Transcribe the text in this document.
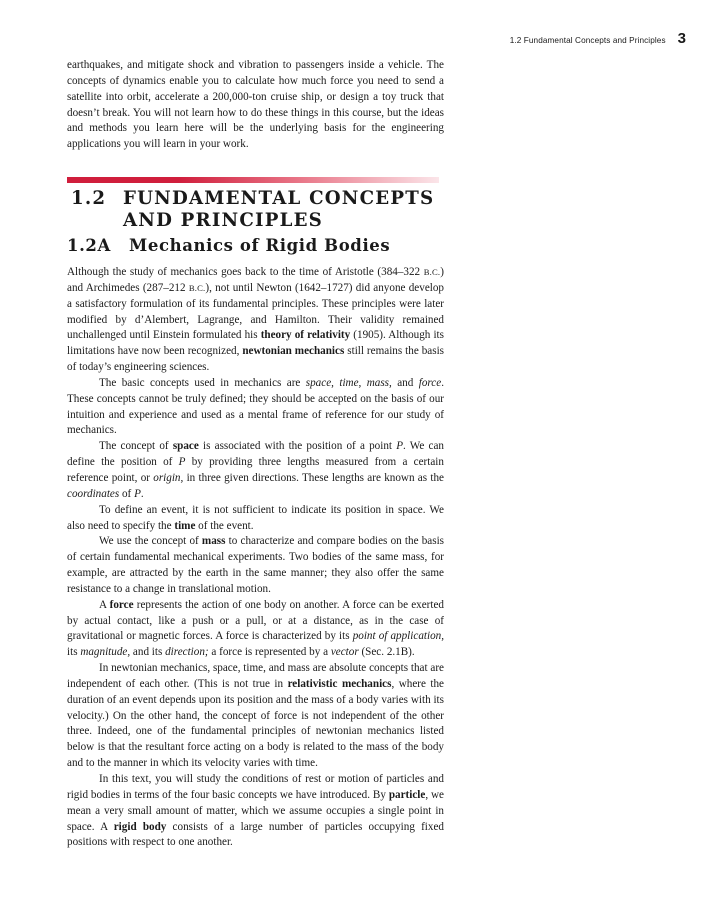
1.2 Fundamental Concepts and Principles 3

earthquakes, and mitigate shock and vibration to passengers inside a vehicle. The concepts of dynamics enable you to calculate how much force you need to send a satellite into orbit, accelerate a 200,000-ton cruise ship, or design a toy truck that doesn’t break. You will not learn how to do these things in this course, but the ideas and methods you learn here will be the underlying basis for the engineering applications you will learn in your work.

1.2 FUNDAMENTAL CONCEPTS
AND PRINCIPLES
1.2A Mechanics of Rigid Bodies

Although the study of mechanics goes back to the time of Aristotle (384–322 B.C.) and Archimedes (287–212 B.C.), not until Newton (1642–1727) did anyone develop a satisfactory formulation of its fundamental principles. These principles were later modified by d’Alembert, Lagrange, and Hamilton. Their validity remained unchallenged until Einstein formulated his theory of relativity (1905). Although its limitations have now been recognized, newtonian mechanics still remains the basis of today’s engineering sciences.

The basic concepts used in mechanics are space, time, mass, and force. These concepts cannot be truly defined; they should be accepted on the basis of our intuition and experience and used as a mental frame of reference for our study of mechanics.

The concept of space is associated with the position of a point P. We can define the position of P by providing three lengths measured from a certain reference point, or origin, in three given directions. These lengths are known as the coordinates of P.

To define an event, it is not sufficient to indicate its position in space. We also need to specify the time of the event.

We use the concept of mass to characterize and compare bodies on the basis of certain fundamental mechanical experiments. Two bodies of the same mass, for example, are attracted by the earth in the same manner; they also offer the same resistance to a change in translational motion.

A force represents the action of one body on another. A force can be exerted by actual contact, like a push or a pull, or at a distance, as in the case of gravitational or magnetic forces. A force is characterized by its point of application, its magnitude, and its direction; a force is represented by a vector (Sec. 2.1B).

In newtonian mechanics, space, time, and mass are absolute concepts that are independent of each other. (This is not true in relativistic mechanics, where the duration of an event depends upon its position and the mass of a body varies with its velocity.) On the other hand, the concept of force is not independent of the other three. Indeed, one of the fundamental principles of newtonian mechanics listed below is that the resultant force acting on a body is related to the mass of the body and to the manner in which its velocity varies with time.

In this text, you will study the conditions of rest or motion of particles and rigid bodies in terms of the four basic concepts we have introduced. By particle, we mean a very small amount of matter, which we assume occupies a single point in space. A rigid body consists of a large number of particles occupying fixed positions with respect to one another.
